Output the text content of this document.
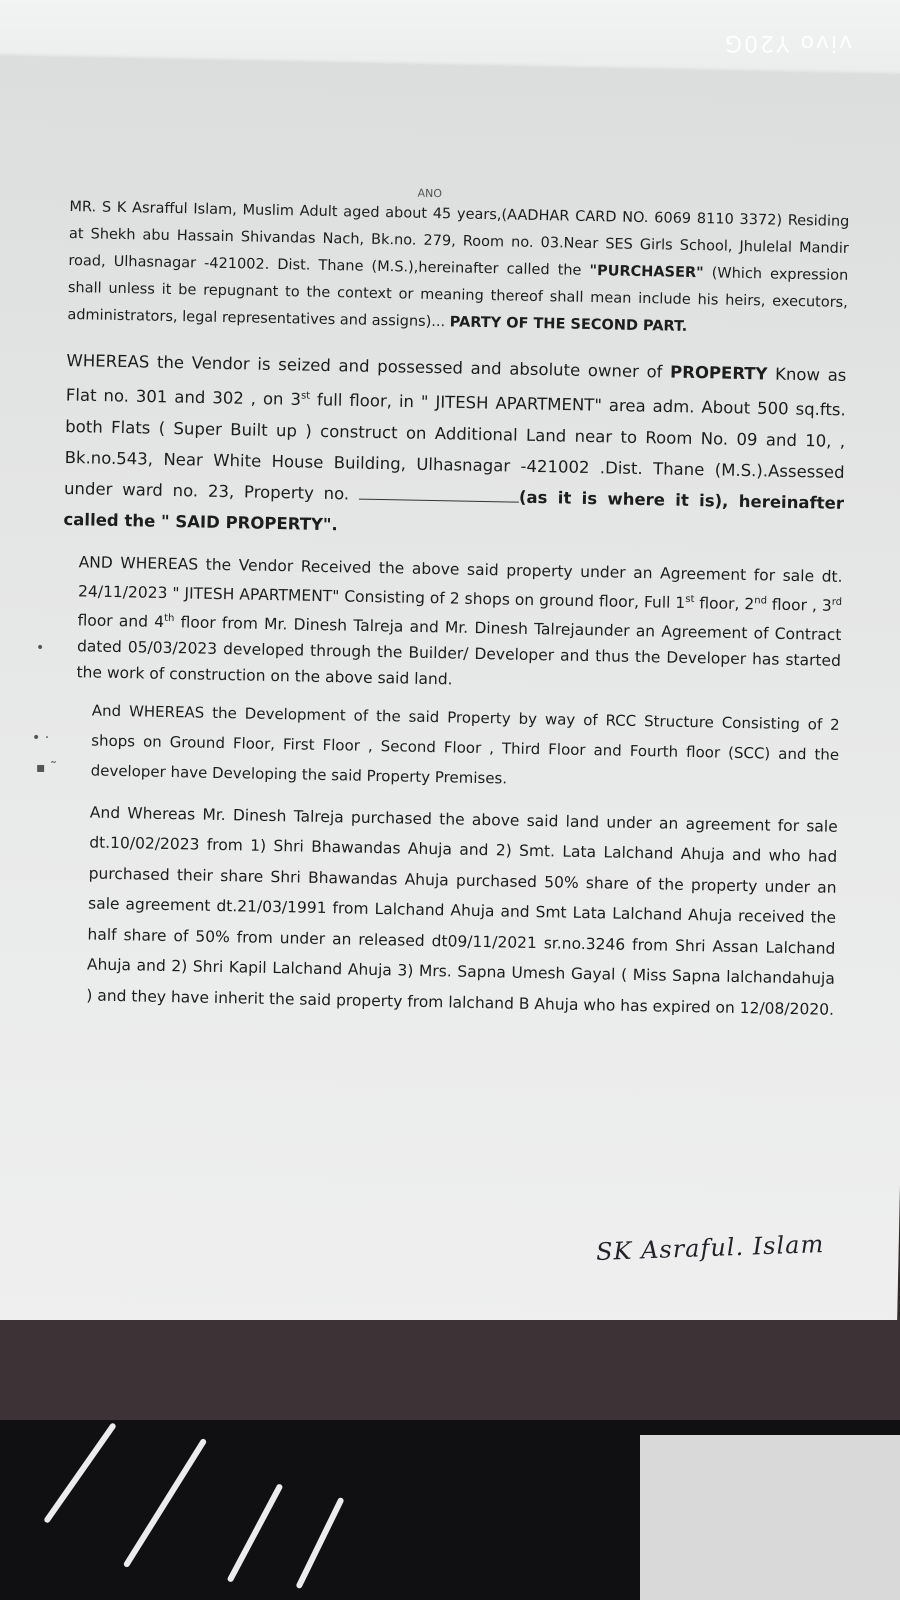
vivo Y20G
•
• ·
▪ ˜
ANO

MR. S K Asrafful Islam, Muslim Adult aged about 45 years,(AADHAR CARD NO. 6069 8110 3372) Residing at Shekh abu Hassain Shivandas Nach, Bk.no. 279, Room no. 03.Near SES Girls School, Jhulelal Mandir road, Ulhasnagar -421002. Dist. Thane (M.S.),hereinafter called the "PURCHASER" (Which expression shall unless it be repugnant to the context or meaning thereof shall mean include his heirs, executors, administrators, legal representatives and assigns)... PARTY OF THE SECOND PART.

WHEREAS the Vendor is seized and possessed and absolute owner of PROPERTY Know as Flat no. 301 and 302 , on 3st full floor, in " JITESH APARTMENT" area adm. About 500 sq.fts. both Flats ( Super Built up ) construct on Additional Land near to Room No. 09 and 10, , Bk.no.543, Near White House Building, Ulhasnagar -421002 .Dist. Thane (M.S.).Assessed under ward no. 23, Property no.	(as it is where it is), hereinafter called the " SAID PROPERTY".

AND WHEREAS the Vendor Received the above said property under an Agreement for sale dt. 24/11/2023 " JITESH APARTMENT" Consisting of 2 shops on ground floor, Full 1st floor, 2nd floor , 3rd floor and 4th floor from Mr. Dinesh Talreja and Mr. Dinesh Talrejaunder an Agreement of Contract dated 05/03/2023 developed through the Builder/ Developer and thus the Developer has started the work of construction on the above said land.

And WHEREAS the Development of the said Property by way of RCC Structure Consisting of 2 shops on Ground Floor, First Floor , Second Floor , Third Floor and Fourth floor (SCC) and the developer have Developing the said Property Premises.

And Whereas Mr. Dinesh Talreja purchased the above said land under an agreement for sale dt.10/02/2023 from 1) Shri Bhawandas Ahuja and 2) Smt. Lata Lalchand Ahuja and who had purchased their share Shri Bhawandas Ahuja purchased 50% share of the property under an sale agreement dt.21/03/1991 from Lalchand Ahuja and Smt Lata Lalchand Ahuja received the half share of 50% from under an released dt09/11/2021 sr.no.3246 from Shri Assan Lalchand Ahuja and 2) Shri Kapil Lalchand Ahuja 3) Mrs. Sapna Umesh Gayal ( Miss Sapna lalchandahuja ) and they have inherit the said property from lalchand B Ahuja who has expired on 12/08/2020.

SK Asraful. Islam
